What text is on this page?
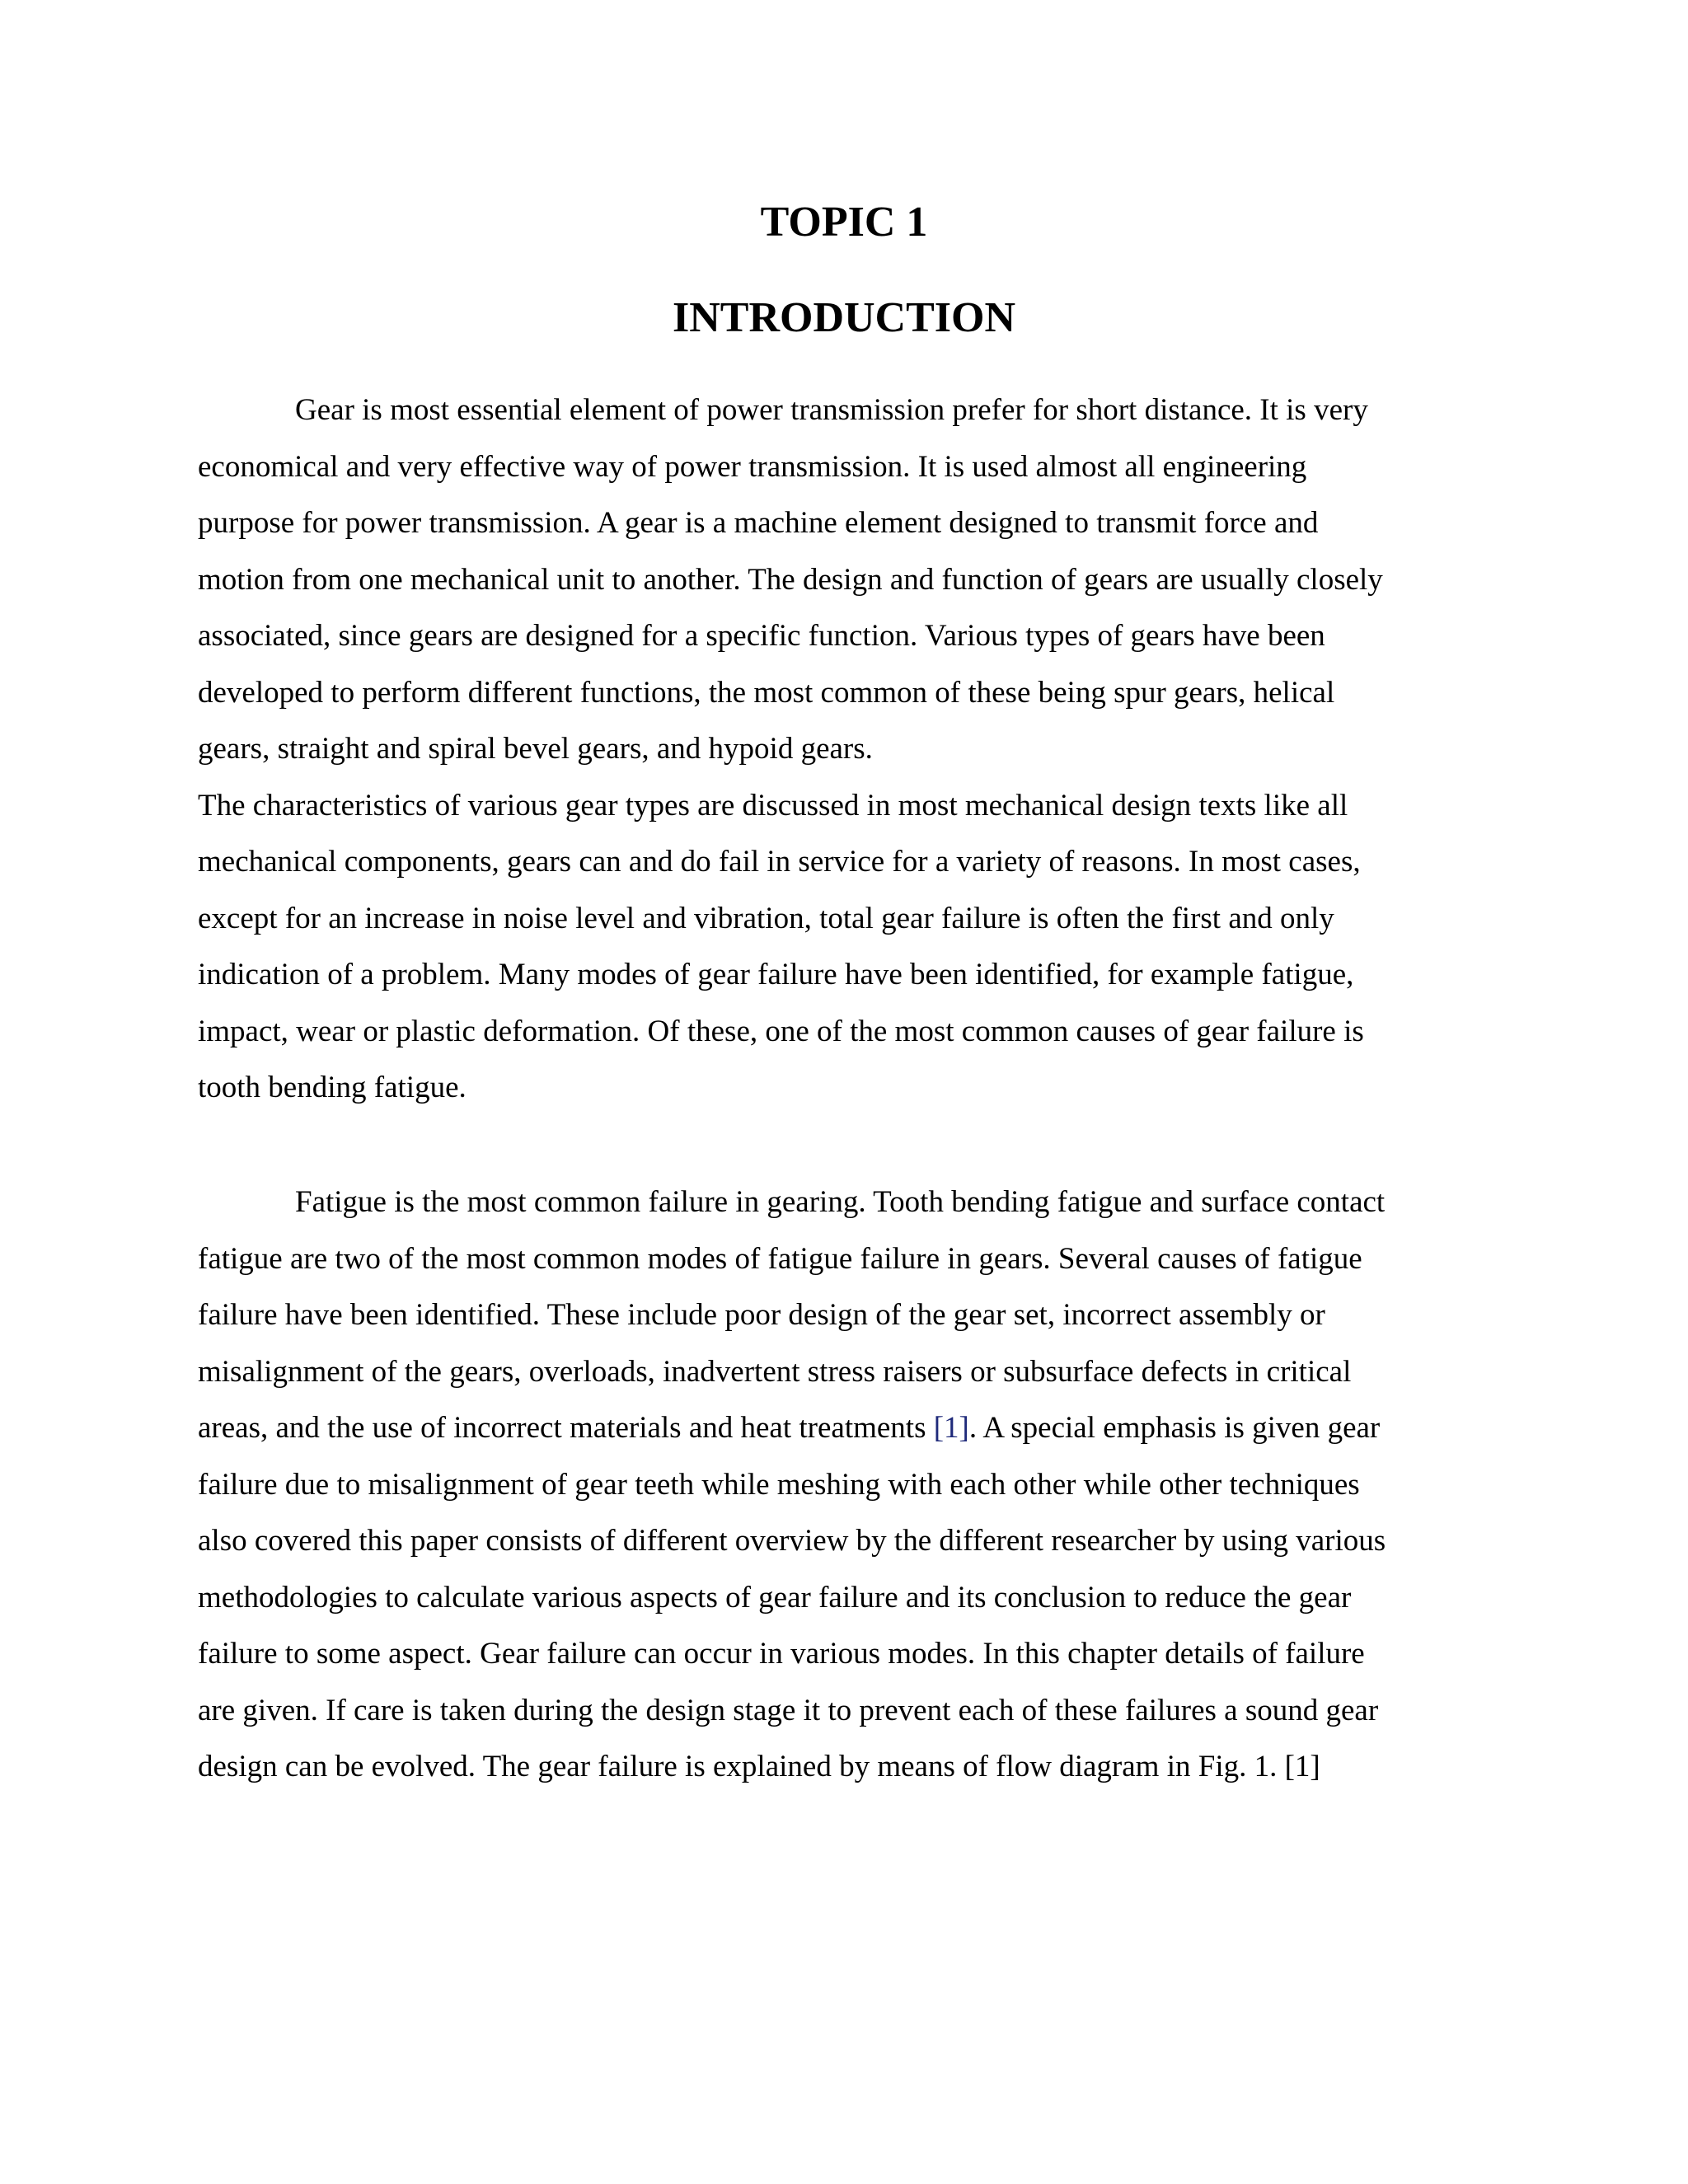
TOPIC 1
INTRODUCTION
Gear is most essential element of power transmission prefer for short distance. It is very
economical and very effective way of power transmission. It is used almost all engineering
purpose for power transmission. A gear is a machine element designed to transmit force and
motion from one mechanical unit to another. The design and function of gears are usually closely
associated, since gears are designed for a specific function. Various types of gears have been
developed to perform different functions, the most common of these being spur gears, helical
gears, straight and spiral bevel gears, and hypoid gears.
The characteristics of various gear types are discussed in most mechanical design texts like all
mechanical components, gears can and do fail in service for a variety of reasons. In most cases,
except for an increase in noise level and vibration, total gear failure is often the first and only
indication of a problem. Many modes of gear failure have been identified, for example fatigue,
impact, wear or plastic deformation. Of these, one of the most common causes of gear failure is
tooth bending fatigue.
Fatigue is the most common failure in gearing. Tooth bending fatigue and surface contact
fatigue are two of the most common modes of fatigue failure in gears. Several causes of fatigue
failure have been identified. These include poor design of the gear set, incorrect assembly or
misalignment of the gears, overloads, inadvertent stress raisers or subsurface defects in critical
areas, and the use of incorrect materials and heat treatments [1]. A special emphasis is given gear
failure due to misalignment of gear teeth while meshing with each other while other techniques
also covered this paper consists of different overview by the different researcher by using various
methodologies to calculate various aspects of gear failure and its conclusion to reduce the gear
failure to some aspect. Gear failure can occur in various modes. In this chapter details of failure
are given. If care is taken during the design stage it to prevent each of these failures a sound gear
design can be evolved. The gear failure is explained by means of flow diagram in Fig. 1. [1]
